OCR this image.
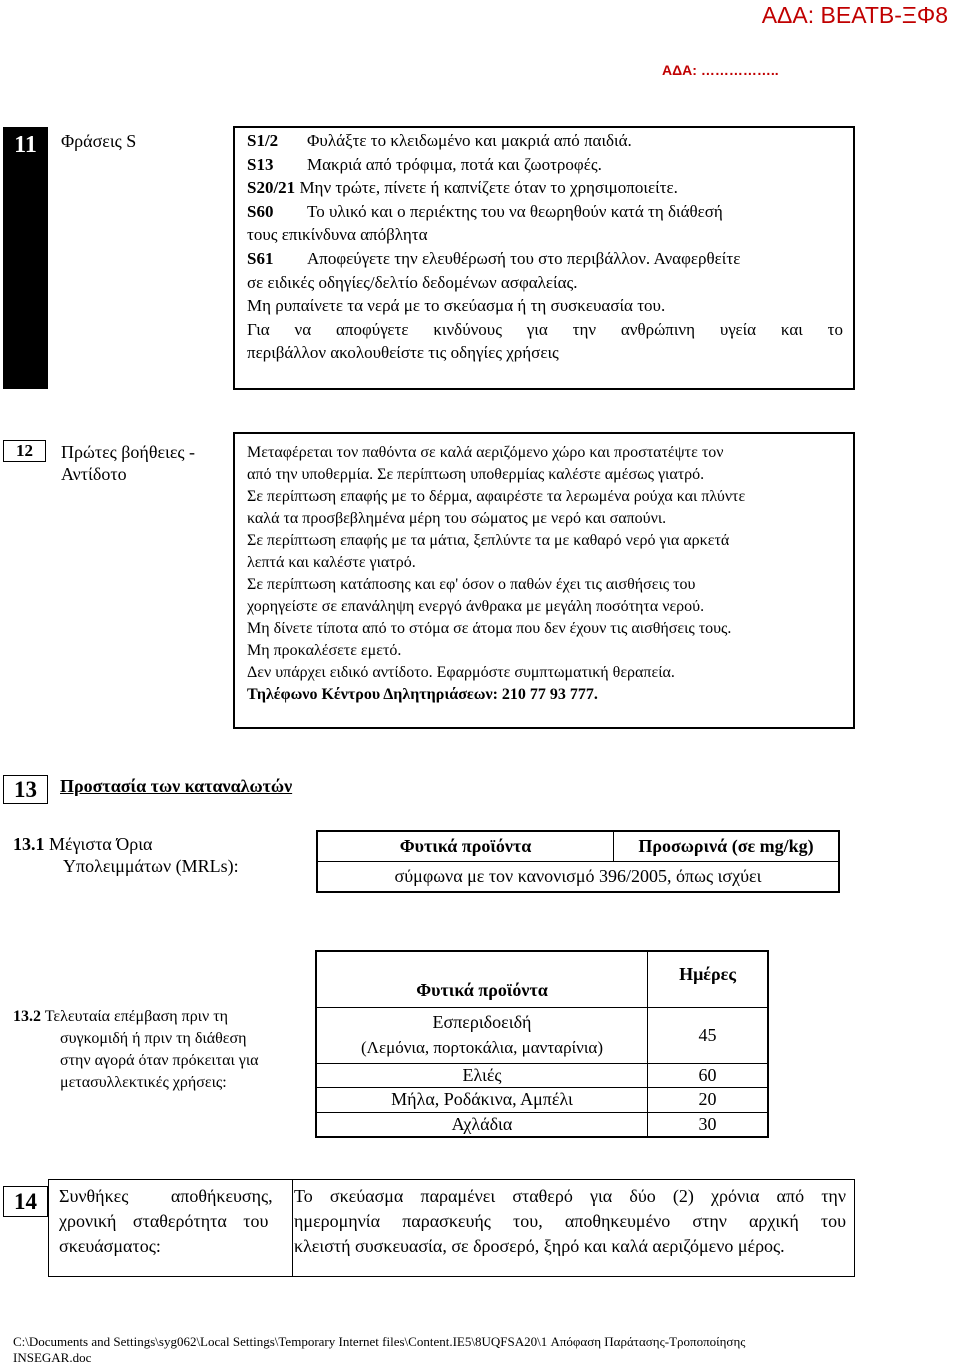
ΑΔΑ: ΒΕΑΤΒ-ΞΦ8
ΑΔΑ: ……………..
11 Φράσεις S	S1/2 Φυλάξτε το κλειδωμένο και μακριά από παιδιά.
S13 Μακριά από τρόφιμα, ποτά και ζωοτροφές.
S20/21 Μην τρώτε, πίνετε ή καπνίζετε όταν το χρησιμοποιείτε.
S60 Το υλικό και ο περιέκτης του να θεωρηθούν κατά τη διάθεσή
τους επικίνδυνα απόβλητα
S61 Αποφεύγετε την ελευθέρωσή του στο περιβάλλον. Αναφερθείτε
σε ειδικές οδηγίες/δελτίο δεδομένων ασφαλείας.
Μη ρυπαίνετε τα νερά με το σκεύασμα ή τη συσκευασία του.
Για να αποφύγετε κινδύνους για την ανθρώπινη υγεία και το
περιβάλλον ακολουθείστε τις οδηγίες χρήσεις
12 Πρώτες βοήθειες -
Αντίδοτο
Μεταφέρεται τον παθόντα σε καλά αεριζόμενο χώρο και προστατέψτε τον
από την υποθερμία. Σε περίπτωση υποθερμίας καλέστε αμέσως γιατρό.
Σε περίπτωση επαφής με το δέρμα, αφαιρέστε τα λερωμένα ρούχα και πλύντε
καλά τα προσβεβλημένα μέρη του σώματος με νερό και σαπούνι.
Σε περίπτωση επαφής με τα μάτια, ξεπλύντε τα με καθαρό νερό για αρκετά
λεπτά και καλέστε γιατρό.
Σε περίπτωση κατάποσης και εφ' όσον ο παθών έχει τις αισθήσεις του
χορηγείστε σε επανάληψη ενεργό άνθρακα με μεγάλη ποσότητα νερού.
Μη δίνετε τίποτα από το στόμα σε άτομα που δεν έχουν τις αισθήσεις τους.
Μη προκαλέσετε εμετό.
Δεν υπάρχει ειδικό αντίδοτο. Εφαρμόστε συμπτωματική θεραπεία.
Τηλέφωνο Κέντρου Δηλητηριάσεων: 210 77 93 777.
13 Προστασία των καταναλωτών
13.1 Μέγιστα Όρια
Υπολειμμάτων (MRLs):
Φυτικά προϊόντα	Προσωρινά (σε mg/kg)
σύμφωνα με τον κανονισμό 396/2005, όπως ισχύει
13.2 Τελευταία επέμβαση πριν τη
συγκομιδή ή πριν τη διάθεση
στην αγορά όταν πρόκειται για
μετασυλλεκτικές χρήσεις:
Φυτικά προϊόντα	Ημέρες

Εσπεριδοειδή
(Λεμόνια, πορτοκάλια, μανταρίνια)	45
Ελιές	60
Μήλα, Ροδάκινα, Αμπέλι	20
Αχλάδια	30
14 Συνθήκες αποθήκευσης,
χρονική σταθερότητα του
σκευάσματος:
Το σκεύασμα παραμένει σταθερό για δύο (2) χρόνια από την
ημερομηνία παρασκευής του, αποθηκευμένο στην αρχική του
κλειστή συσκευασία, σε δροσερό, ξηρό και καλά αεριζόμενο μέρος.
C:\Documents and Settings\syg062\Local Settings\Temporary Internet files\Content.IE5\8UQFSA20\1 Απόφαση Παράτασης-Τροποποίησης
INSEGAR.doc
